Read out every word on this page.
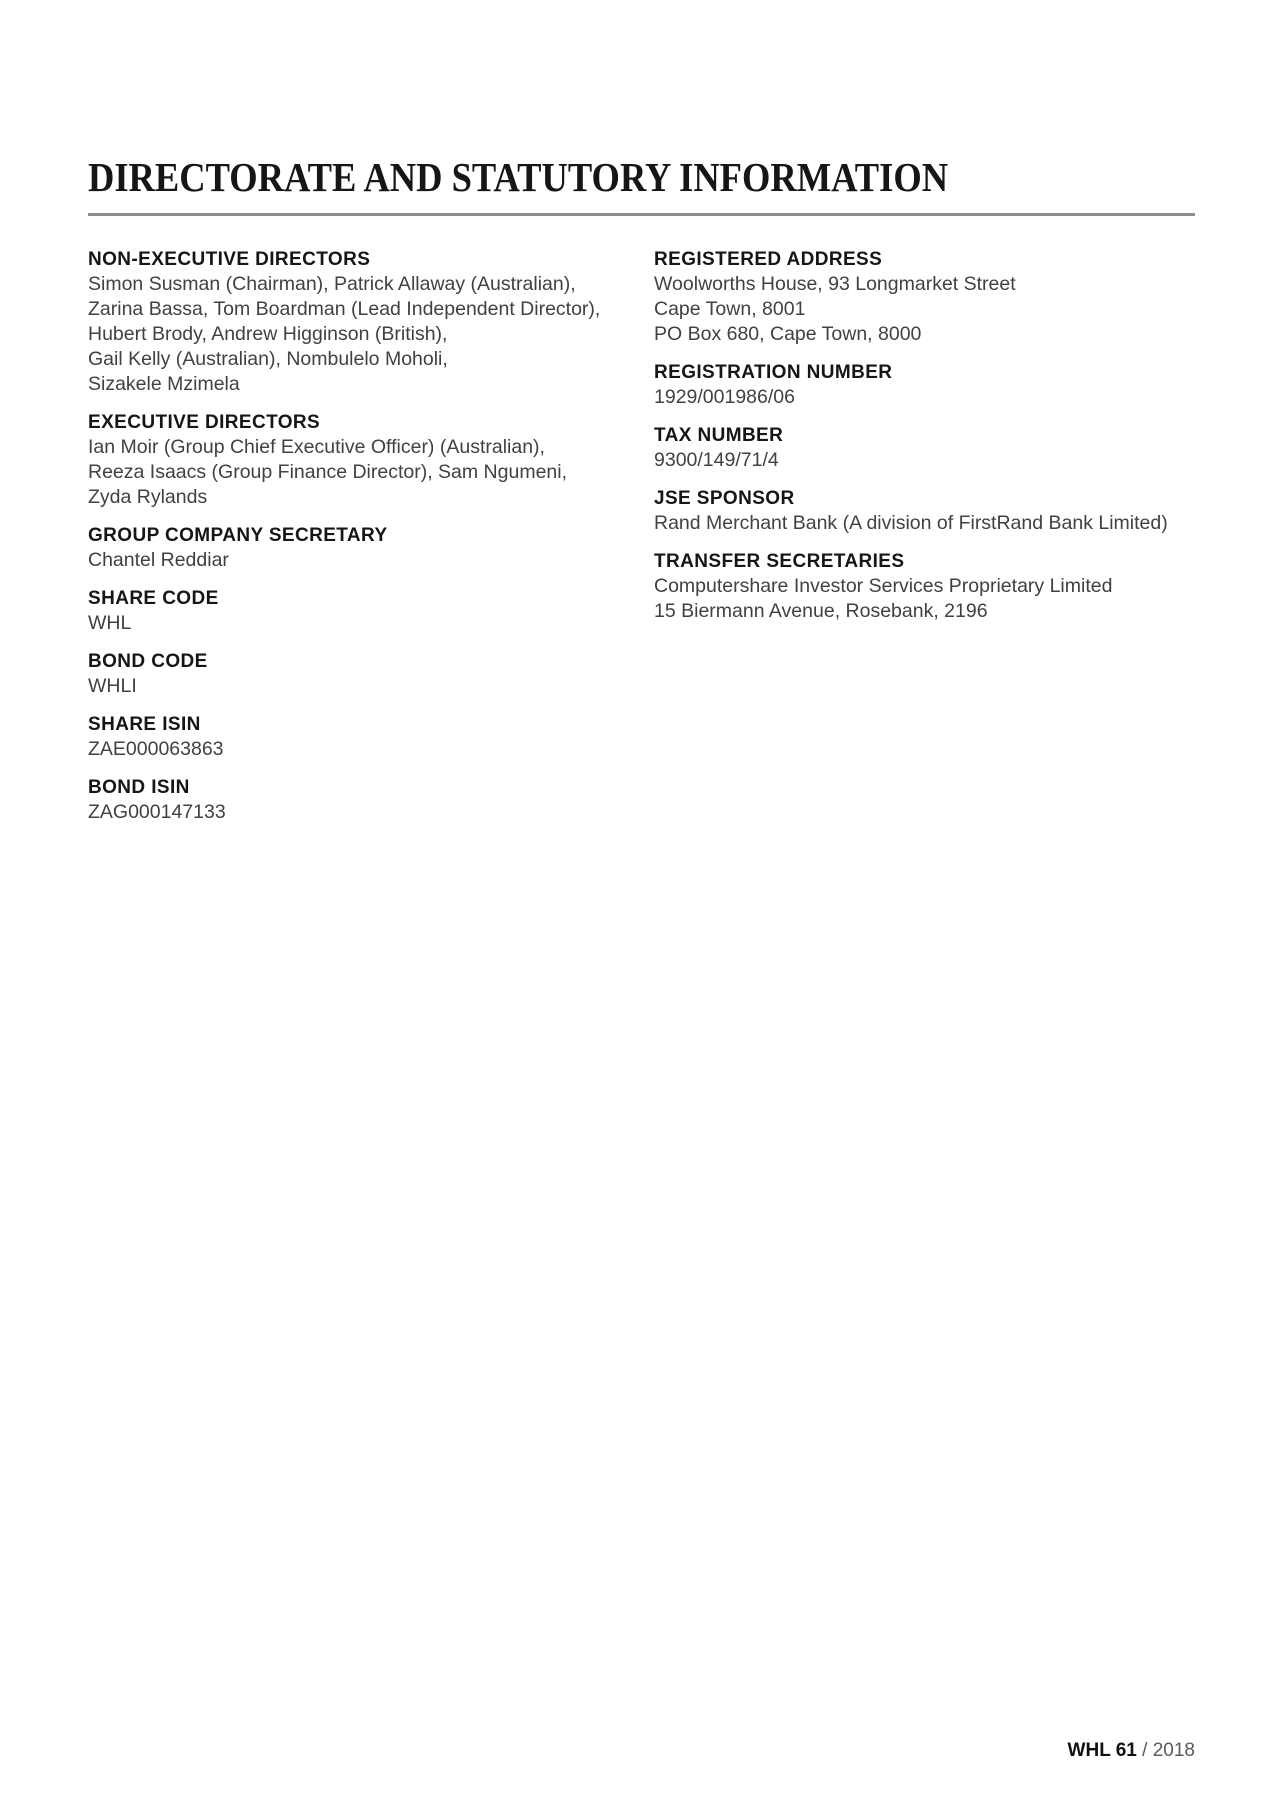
DIRECTORATE AND STATUTORY INFORMATION
NON-EXECUTIVE DIRECTORS
Simon Susman (Chairman), Patrick Allaway (Australian),
Zarina Bassa, Tom Boardman (Lead Independent Director),
Hubert Brody, Andrew Higginson (British),
Gail Kelly (Australian), Nombulelo Moholi,
Sizakele Mzimela
EXECUTIVE DIRECTORS
Ian Moir (Group Chief Executive Officer) (Australian),
Reeza Isaacs (Group Finance Director), Sam Ngumeni,
Zyda Rylands
GROUP COMPANY SECRETARY
Chantel Reddiar
SHARE CODE
WHL
BOND CODE
WHLI
SHARE ISIN
ZAE000063863
BOND ISIN
ZAG000147133
REGISTERED ADDRESS
Woolworths House, 93 Longmarket Street
Cape Town, 8001
PO Box 680, Cape Town, 8000
REGISTRATION NUMBER
1929/001986/06
TAX NUMBER
9300/149/71/4
JSE SPONSOR
Rand Merchant Bank (A division of FirstRand Bank Limited)
TRANSFER SECRETARIES
Computershare Investor Services Proprietary Limited
15 Biermann Avenue, Rosebank, 2196
WHL 61 / 2018
